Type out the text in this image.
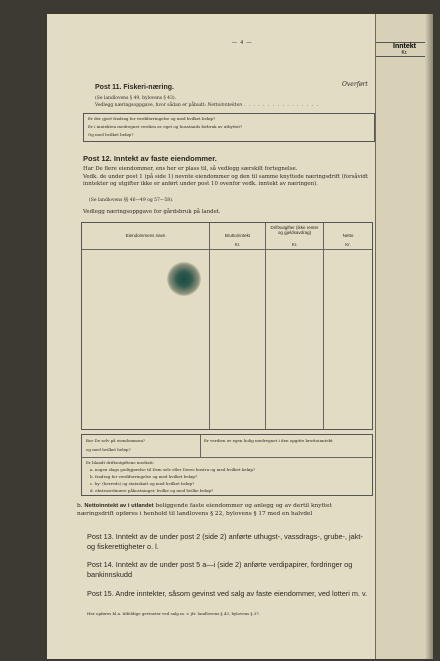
— 4 —
Overført
Post 11. Fiskeri-næring.
(Se landlovens § 49, bylovens § 43).
Vedlegg næringsoppgave, hvor sådan er påbudt: Nettoinntekten . . . . . . . . . . . . . . . .
Er der gjort fradrag for verdiforringelse og med hvilket beløp?
Er i inntekten medregnet verdien av eget og husstands forbruk av utbyttet?
Og med hvilket beløp?
Post 12. Inntekt av faste eiendommer.
Har De flere eiendommer, ens her er plass til, så vedlegg særskilt fortegnelse.
Vedk. de under post 1 (på side 1) nevnte eiendommer og den til samme knyttede næringsdrift (forsåvidt inntekter og utgifter ikke er anført under post 10 ovenfor vedk. inntekt av næringen).
(Se landlovens §§ 46—49 og 57—58).
Vedlegg næringsoppgave for gårdsbruk på landet.
Eiendommens navn	Bruttoinntekt
Kr.
Driftsutgifter (ikke renter og gjeldsavdrag)
Kr.
Netto
Kr.
Bor De selv på eiendommen?
og med hvilket beløp?
Er verdien av egen bolig medregnet i den opgitte bruttoinntekt
Er blandt driftsutgiftene medtatt:
a. nogen slags godtgjørelse til Dem selv eller Deres hustru og med hvilket beløp?
b. fradrag for verdiforringelse og med hvilket beløp?
c. by- (herreds) og statsskatt og med hvilket beløp?
d. ekstraordinære påkostninger, hvilke og med hvilke beløp?
b. Nettoinntekt av i utlandet beliggende faste eiendommer og anlegg og av dertil knyttet næringsdrift opføres i henhold til landlovens § 22, bylovens § 17 med en halvdel
Post 13. Inntekt av de under post 2 (side 2) anførte uthugst-, vassdrags-, grube-, jakt- og fiskerettigheter o. l.
Post 14. Inntekt av de under post 5 a—i (side 2) anførte verdipapirer, fordringer og bankinnskudd
Post 15. Andre inntekter, såsom gevinst ved salg av faste eiendommer, ved lotteri m. v.
Her opføres bl.a. tilfeldige gevinster ved salg m. v. jfr. landlovens § 43, bylovens § 37.
Inntekt
Kr.
